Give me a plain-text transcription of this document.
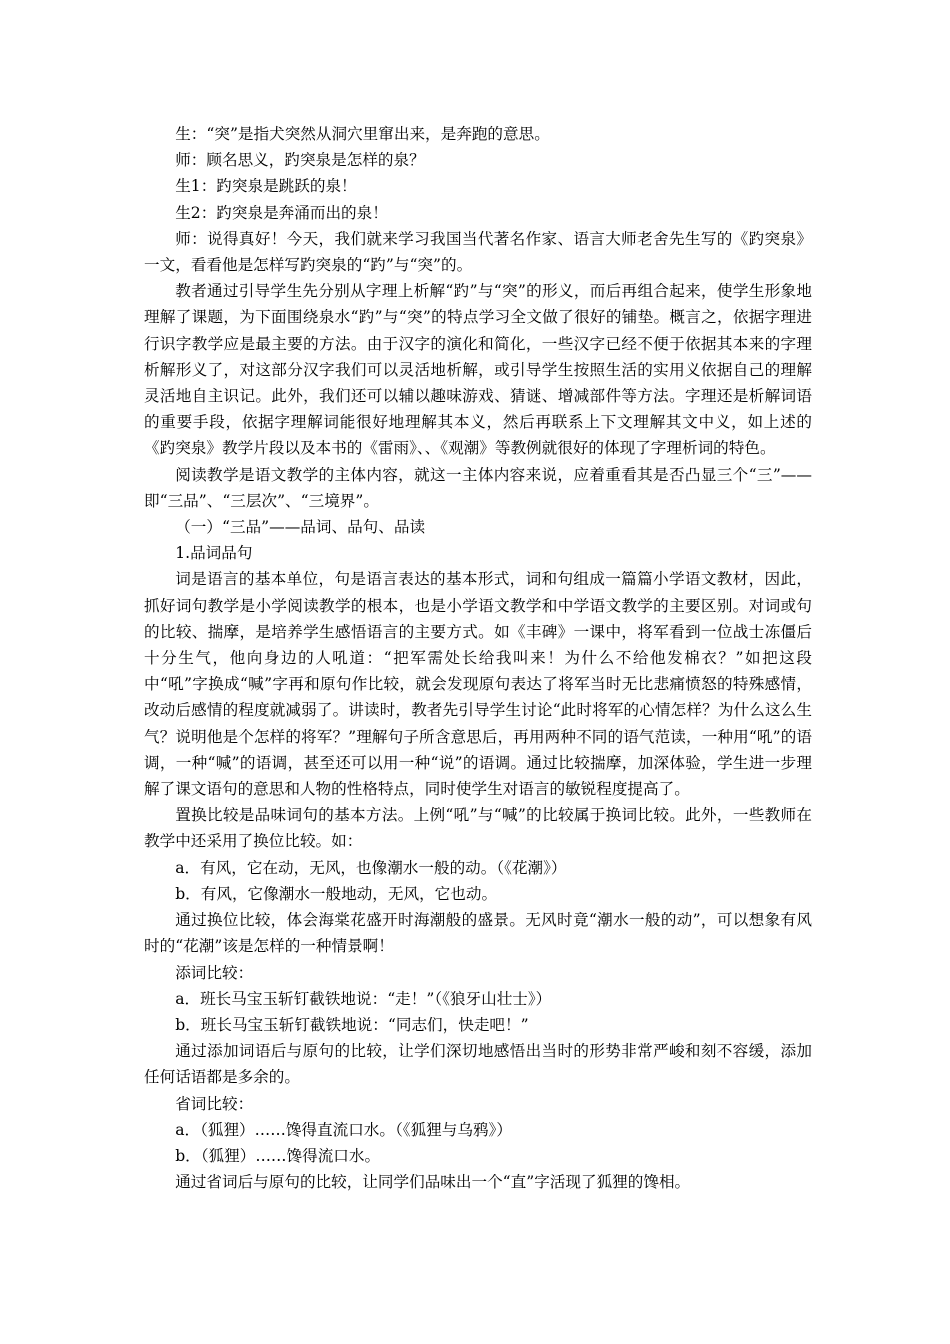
生：“突”是指犬突然从洞穴里窜出来，是奔跑的意思。

师：顾名思义，趵突泉是怎样的泉？

生1：趵突泉是跳跃的泉！

生2：趵突泉是奔涌而出的泉！

师：说得真好！今天，我们就来学习我国当代著名作家、语言大师老舍先生写的《趵突泉》一文，看看他是怎样写趵突泉的“趵”与“突”的。

教者通过引导学生先分别从字理上析解“趵”与“突”的形义，而后再组合起来，使学生形象地理解了课题，为下面围绕泉水“趵”与“突”的特点学习全文做了很好的铺垫。概言之，依据字理进行识字教学应是最主要的方法。由于汉字的演化和简化，一些汉字已经不便于依据其本来的字理析解形义了，对这部分汉字我们可以灵活地析解，或引导学生按照生活的实用义依据自己的理解灵活地自主识记。此外，我们还可以辅以趣味游戏、猜谜、增减部件等方法。字理还是析解词语的重要手段，依据字理解词能很好地理解其本义，然后再联系上下文理解其文中义，如上述的《趵突泉》教学片段以及本书的《雷雨》、、《观潮》等教例就很好的体现了字理析词的特色。

阅读教学是语文教学的主体内容，就这一主体内容来说，应着重看其是否凸显三个“三”——即“三品”、“三层次”、“三境界”。

（一）“三品”——品词、品句、品读

1.品词品句

词是语言的基本单位，句是语言表达的基本形式，词和句组成一篇篇小学语文教材，因此，抓好词句教学是小学阅读教学的根本，也是小学语文教学和中学语文教学的主要区别。对词或句的比较、揣摩，是培养学生感悟语言的主要方式。如《丰碑》一课中，将军看到一位战士冻僵后十分生气，他向身边的人吼道：“把军需处长给我叫来！为什么不给他发棉衣？”如把这段中“吼”字换成“喊”字再和原句作比较，就会发现原句表达了将军当时无比悲痛愤怒的特殊感情，改动后感情的程度就减弱了。讲读时，教者先引导学生讨论“此时将军的心情怎样？为什么这么生气？说明他是个怎样的将军？”理解句子所含意思后，再用两种不同的语气范读，一种用“吼”的语调，一种“喊”的语调，甚至还可以用一种“说”的语调。通过比较揣摩，加深体验，学生进一步理解了课文语句的意思和人物的性格特点，同时使学生对语言的敏锐程度提高了。

置换比较是品味词句的基本方法。上例“吼”与“喊”的比较属于换词比较。此外，一些教师在教学中还采用了换位比较。如：

a．有风，它在动，无风，也像潮水一般的动。（《花潮》）

b．有风，它像潮水一般地动，无风，它也动。

通过换位比较，体会海棠花盛开时海潮般的盛景。无风时竟“潮水一般的动”，可以想象有风时的“花潮”该是怎样的一种情景啊！

添词比较：

a．班长马宝玉斩钉截铁地说：“走！”（《狼牙山壮士》）

b．班长马宝玉斩钉截铁地说：“同志们，快走吧！”

通过添加词语后与原句的比较，让学们深切地感悟出当时的形势非常严峻和刻不容缓，添加任何话语都是多余的。

省词比较：

a．（狐狸）……馋得直流口水。（《狐狸与乌鸦》）

b．（狐狸）……馋得流口水。

通过省词后与原句的比较，让同学们品味出一个“直”字活现了狐狸的馋相。
